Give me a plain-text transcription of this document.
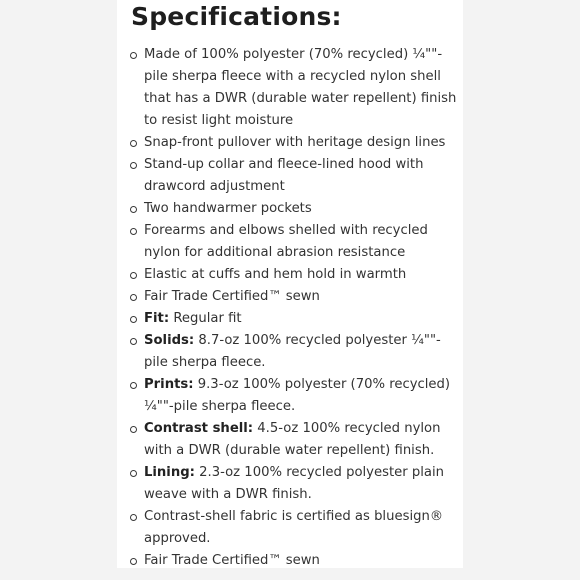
Specifications:
Made of 100% polyester (70% recycled) ¼""-pile sherpa fleece with a recycled nylon shell that has a DWR (durable water repellent) finish to resist light moisture
Snap-front pullover with heritage design lines
Stand-up collar and fleece-lined hood with drawcord adjustment
Two handwarmer pockets
Forearms and elbows shelled with recycled nylon for additional abrasion resistance
Elastic at cuffs and hem hold in warmth
Fair Trade Certified™ sewn
Fit: Regular fit
Solids: 8.7-oz 100% recycled polyester ¼""-pile sherpa fleece.
Prints: 9.3-oz 100% polyester (70% recycled) ¼""-pile sherpa fleece.
Contrast shell: 4.5-oz 100% recycled nylon with a DWR (durable water repellent) finish.
Lining: 2.3-oz 100% recycled polyester plain weave with a DWR finish.
Contrast-shell fabric is certified as bluesign® approved.
Fair Trade Certified™ sewn
